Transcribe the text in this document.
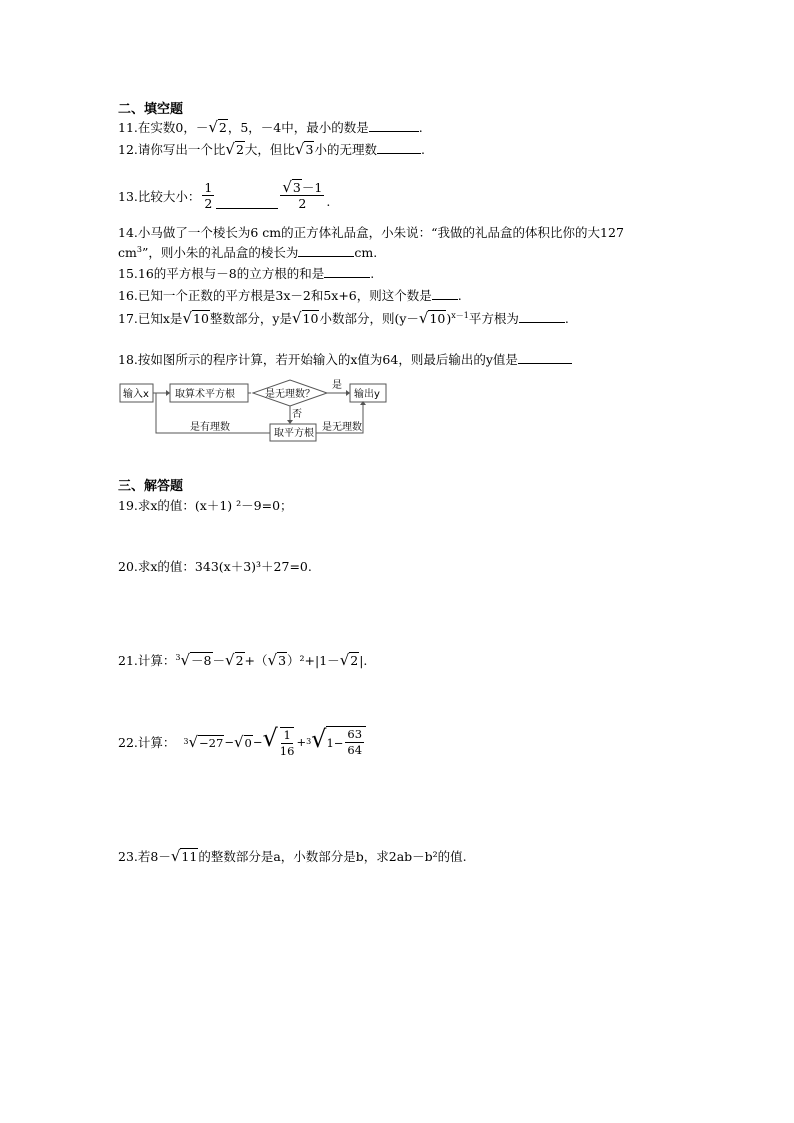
二、填空题
11.在实数0，－√2，5，－4中，最小的数是	.
12.请你写出一个比√2大，但比√3小的无理数	.
13.比较大小： $\frac{1}{2}$	$\frac{√3-1}{2}$ .
14.小马做了一个棱长为6 cm的正方体礼品盒，小朱说：“我做的礼品盒的体积比你的大127
$cm^3$”，则小朱的礼品盒的棱长为	cm.
15.16的平方根与－8的立方根的和是	.
16.已知一个正数的平方根是3x－2和5x+6，则这个数是 .
17.已知x是√10整数部分，y是√10小数部分，则$(y-√10)^{x-1}$平方根为	.
18.按如图所示的程序计算，若开始输入的x值为64，则最后输出的y值是
输入x	取算术平方根	是无理数？	输出y
是
否
取平方根
是有理数	是无理数
三、解答题
19.求x的值：(x＋1) ²－9=0；
20.求x的值：343(x＋3)³＋27=0.
21.计算：$^3$√－8－√2+（√3）²+|1－√2|.
22.计算： 3 √−27 − √0 − √ $\frac{1}{16} + 3$ √ $1- \frac{63}{64}$
23.若8－√11的整数部分是a，小数部分是b，求2ab－b²的值.
